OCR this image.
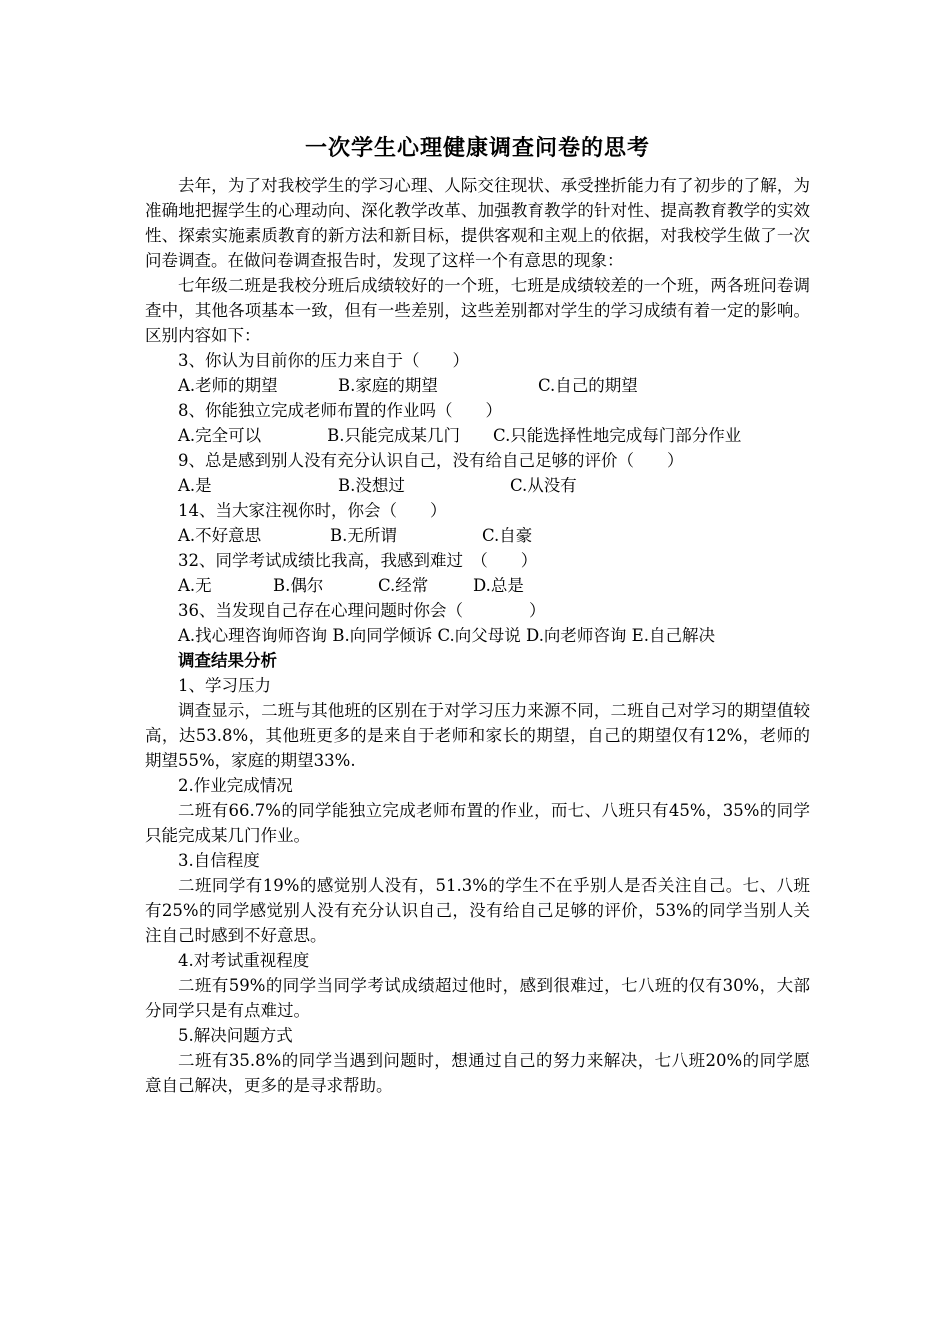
一次学生心理健康调查问卷的思考

去年，为了对我校学生的学习心理、人际交往现状、承受挫折能力有了初步的了解，为准确地把握学生的心理动向、深化教学改革、加强教育教学的针对性、提高教育教学的实效性、探索实施素质教育的新方法和新目标，提供客观和主观上的依据，对我校学生做了一次问卷调查。在做问卷调查报告时，发现了这样一个有意思的现象：

七年级二班是我校分班后成绩较好的一个班，七班是成绩较差的一个班，两各班问卷调查中，其他各项基本一致，但有一些差别，这些差别都对学生的学习成绩有着一定的影响。区别内容如下：

3、你认为目前你的压力来自于（　　）

A.老师的期望	B.家庭的期望	C.自己的期望

8、你能独立完成老师布置的作业吗（　　）

A.完全可以　　　　B.只能完成某几门　　C.只能选择性地完成每门部分作业

9、总是感到别人没有充分认识自己，没有给自己足够的评价（　　）

A.是	B.没想过	C.从没有

14、当大家注视你时，你会（　　）

A.不好意思	B.无所谓	C.自豪

32、同学考试成绩比我高，我感到难过　（　　）

A.无	B.偶尔	C.经常	D.总是

36、当发现自己存在心理问题时你会（　　　　）

A.找心理咨询师咨询 B.向同学倾诉 C.向父母说 D.向老师咨询 E.自己解决

调查结果分析

1、学习压力

调查显示，二班与其他班的区别在于对学习压力来源不同，二班自己对学习的期望值较高，达53.8%，其他班更多的是来自于老师和家长的期望，自己的期望仅有12%，老师的期望55%，家庭的期望33%.

2.作业完成情况

二班有66.7%的同学能独立完成老师布置的作业，而七、八班只有45%，35%的同学只能完成某几门作业。

3.自信程度

二班同学有19%的感觉别人没有，51.3%的学生不在乎别人是否关注自己。七、八班有25%的同学感觉别人没有充分认识自己，没有给自己足够的评价，53%的同学当别人关注自己时感到不好意思。

4.对考试重视程度

二班有59%的同学当同学考试成绩超过他时，感到很难过，七八班的仅有30%，大部分同学只是有点难过。

5.解决问题方式

二班有35.8%的同学当遇到问题时，想通过自己的努力来解决，七八班20%的同学愿意自己解决，更多的是寻求帮助。
